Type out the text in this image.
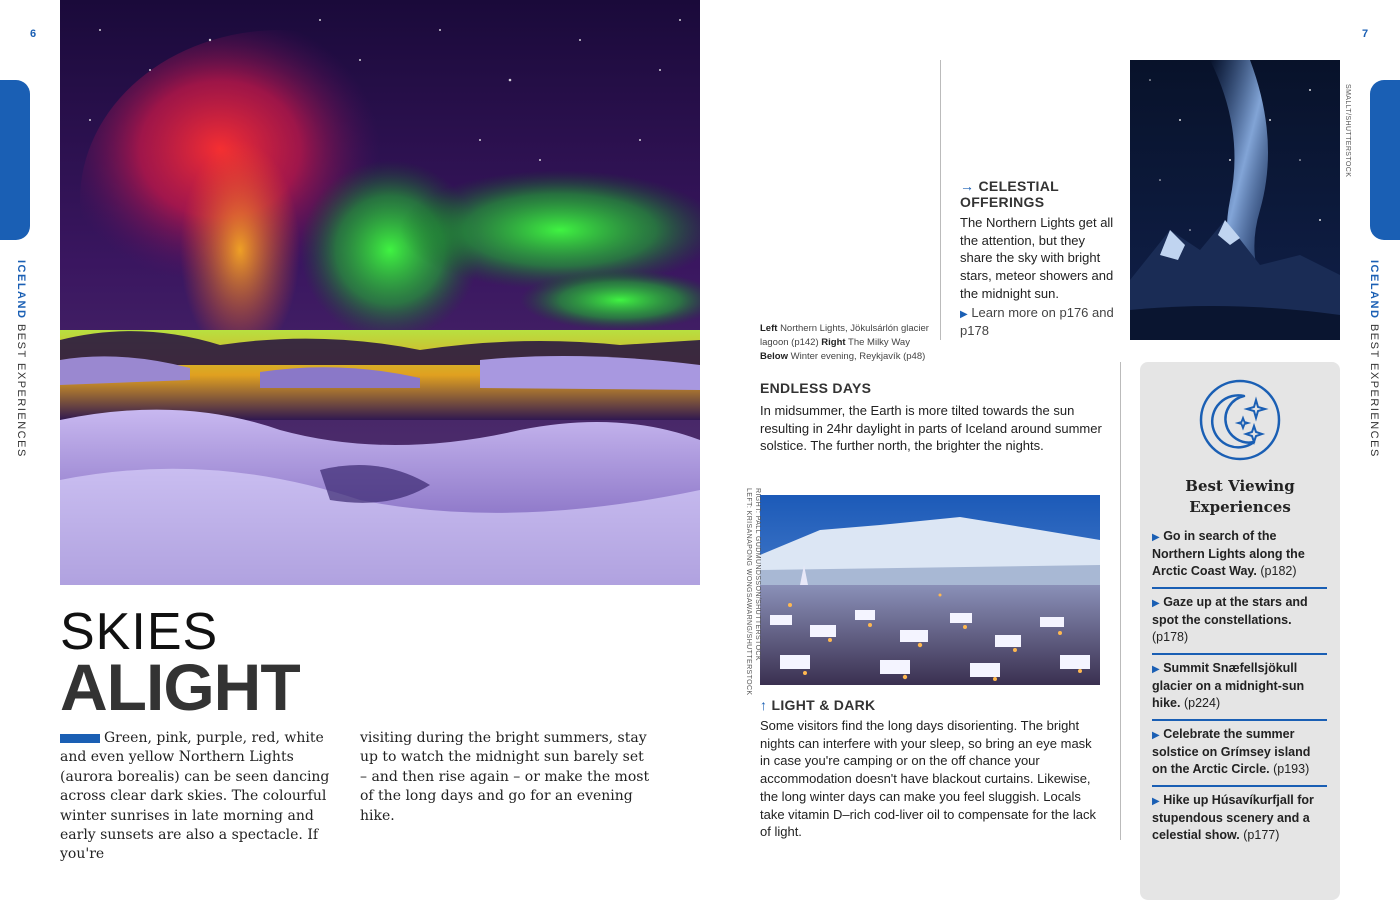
6	7
ICELAND BEST EXPERIENCES
ICELAND BEST EXPERIENCES
SKIES
ALIGHT
Green, pink, purple, red, white and even yellow Northern Lights (aurora borealis) can be seen dancing across clear dark skies. The colourful winter sunrises in late morning and early sunsets are also a spectacle. If you're
visiting during the bright summers, stay up to watch the midnight sun barely set – and then rise again – or make the most of the long days and go for an evening hike.
Left Northern Lights, Jökulsárlón glacier lagoon (p142) Right The Milky Way
Below Winter evening, Reykjavík (p48)
→ CELESTIAL
OFFERINGS
The Northern Lights get all the attention, but they share the sky with bright stars, meteor showers and the midnight sun.
▶ Learn more on p176 and p178
SMALLT/SHUTTERSTOCK
ENDLESS DAYS
In midsummer, the Earth is more tilted towards the sun resulting in 24hr daylight in parts of Iceland around summer solstice. The further north, the brighter the nights.
RIGHT: PALL GUDMUNDSSON/SHUTTERSTOCK
LEFT: KRISANAPONG WONGSAWARNG/SHUTTERSTOCK
↑ LIGHT & DARK
Some visitors find the long days disorienting. The bright nights can interfere with your sleep, so bring an eye mask in case you're camping or on the off chance your accommodation doesn't have blackout curtains. Likewise, the long winter days can make you feel sluggish. Locals take vitamin D–rich cod-liver oil to compensate for the lack of light.
Best Viewing
Experiences
▶ Go in search of the Northern Lights along the Arctic Coast Way. (p182)
▶ Gaze up at the stars and spot the constellations. (p178)
▶ Summit Snæfellsjökull glacier on a midnight-sun hike. (p224)
▶ Celebrate the summer solstice on Grímsey island on the Arctic Circle. (p193)
▶ Hike up Húsavíkurfjall for stupendous scenery and a celestial show. (p177)
